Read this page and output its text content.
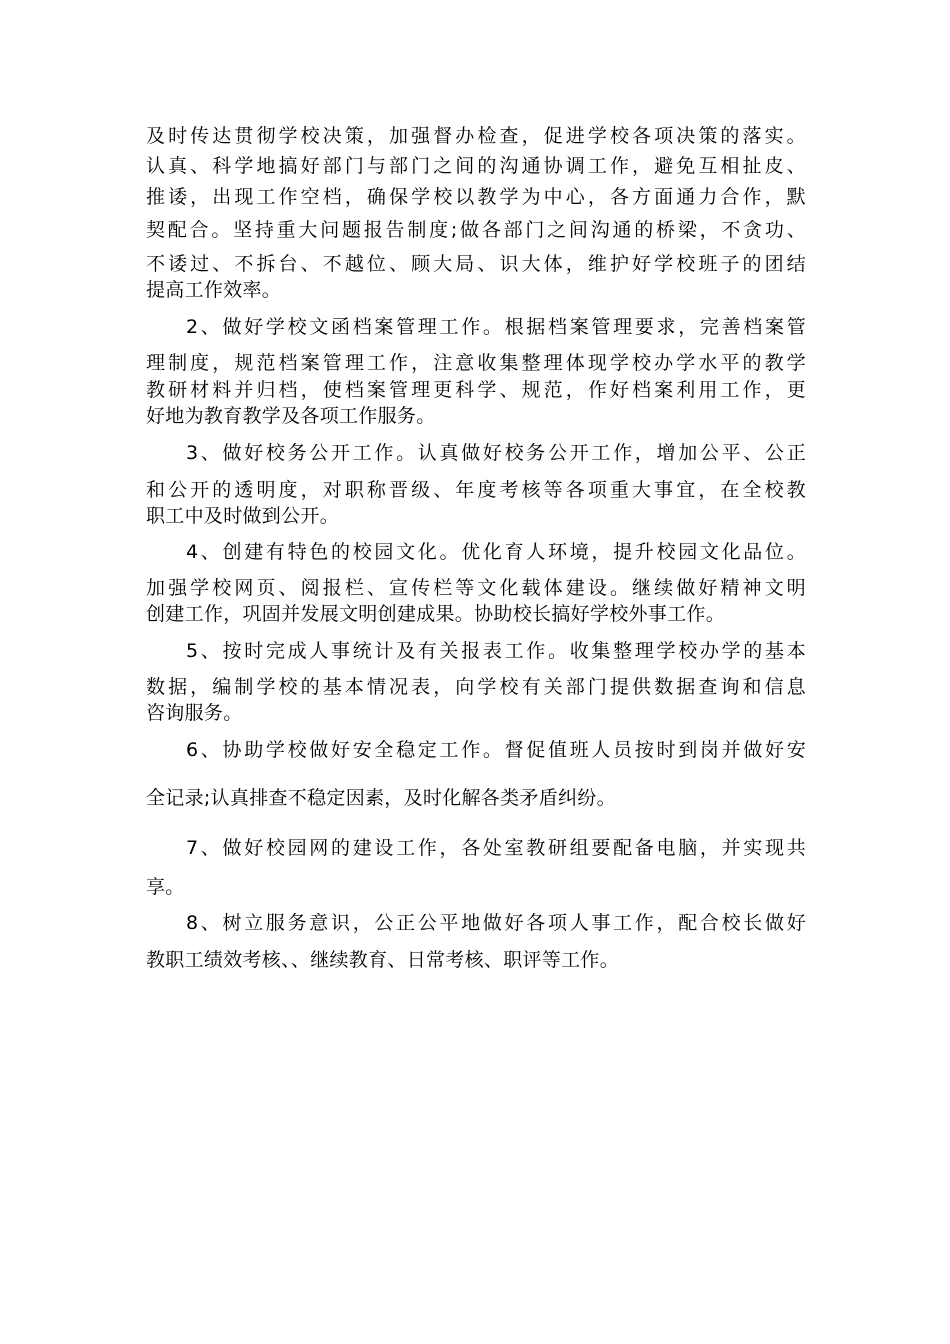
及时传达贯彻学校决策，加强督办检查，促进学校各项决策的落实。
认真、科学地搞好部门与部门之间的沟通协调工作，避免互相扯皮、
推诿，出现工作空档，确保学校以教学为中心，各方面通力合作，默
契配合。坚持重大问题报告制度;做各部门之间沟通的桥梁，不贪功、
不诿过、不拆台、不越位、顾大局、识大体，维护好学校班子的团结
提高工作效率。
2、做好学校文函档案管理工作。根据档案管理要求，完善档案管
理制度，规范档案管理工作，注意收集整理体现学校办学水平的教学
教研材料并归档，使档案管理更科学、规范，作好档案利用工作，更
好地为教育教学及各项工作服务。
3、做好校务公开工作。认真做好校务公开工作，增加公平、公正
和公开的透明度，对职称晋级、年度考核等各项重大事宜，在全校教
职工中及时做到公开。
4、创建有特色的校园文化。优化育人环境，提升校园文化品位。
加强学校网页、阅报栏、宣传栏等文化载体建设。继续做好精神文明
创建工作，巩固并发展文明创建成果。协助校长搞好学校外事工作。
5、按时完成人事统计及有关报表工作。收集整理学校办学的基本
数据，编制学校的基本情况表，向学校有关部门提供数据查询和信息
咨询服务。
6、协助学校做好安全稳定工作。督促值班人员按时到岗并做好安
全记录;认真排查不稳定因素，及时化解各类矛盾纠纷。
7、做好校园网的建设工作，各处室教研组要配备电脑，并实现共
享。
8、树立服务意识，公正公平地做好各项人事工作，配合校长做好
教职工绩效考核、、继续教育、日常考核、职评等工作。
